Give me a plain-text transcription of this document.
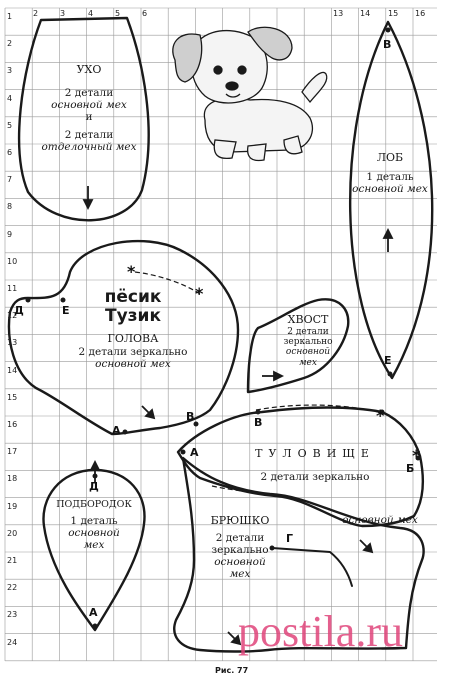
2	3	4	5	6	13 14 15 16
1
2
3
4
5
6
7
8
9
10
11
12
13
14
15
16
17
18
19
20
21
22
23
24
УХО
2 детали
основной мех
и
2 детали
отделочный мех
ЛОБ
1 деталь
основной мех
пёсик
Тузик
ГОЛОВА
2 детали зеркально
основной мех
ХВОСТ
2 детали
зеркально
основной
мех
ТУЛОВИЩЕ
2 детали зеркально
основной мех
БРЮШКО
2 детали
зеркально
основной
мех
ПОДБОРОДОК
1 деталь
основной
мех
Д	Е
А
В
А
В
Б
В
Е
Д
А
Г
*
*
*
*
Рис. 77
postila.ru
